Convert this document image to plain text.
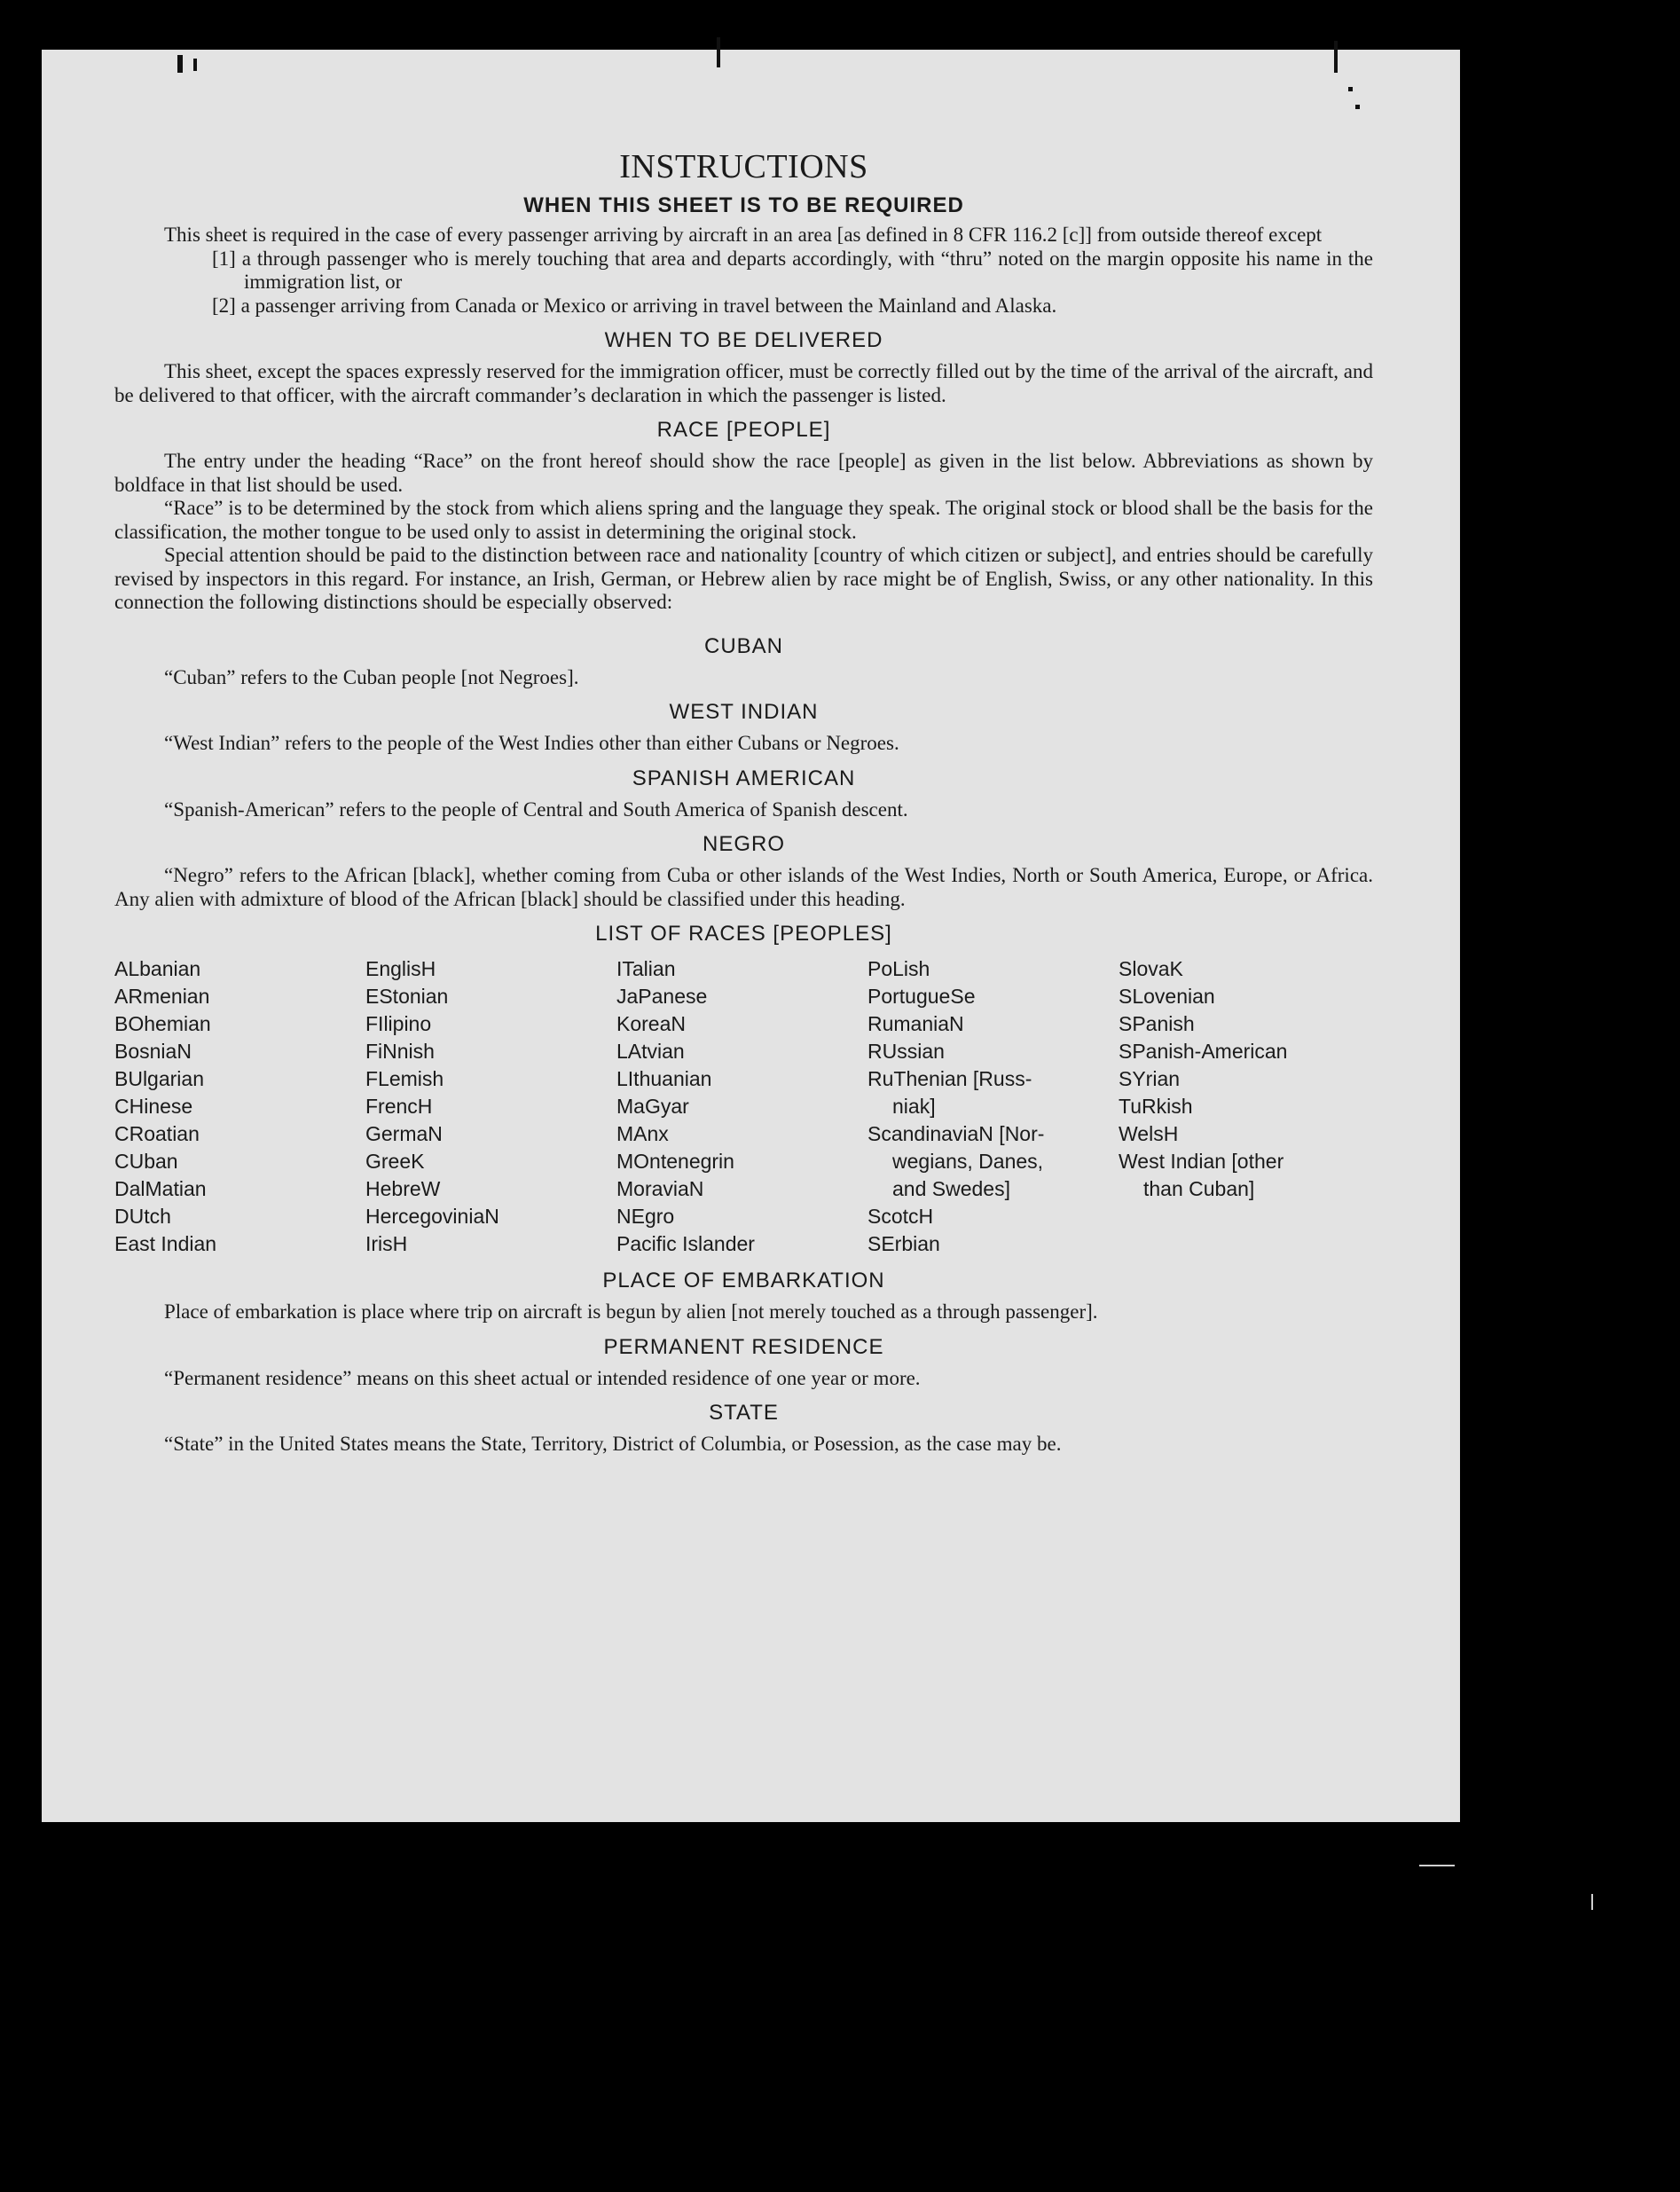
INSTRUCTIONS
WHEN THIS SHEET IS TO BE REQUIRED

This sheet is required in the case of every passenger arriving by aircraft in an area [as defined in 8 CFR 116.2 [c]] from outside thereof except

[1] a through passenger who is merely touching that area and departs accordingly, with “thru” noted on the margin opposite his name in the immigration list, or
[2] a passenger arriving from Canada or Mexico or arriving in travel between the Mainland and Alaska.
WHEN TO BE DELIVERED

This sheet, except the spaces expressly reserved for the immigration officer, must be correctly filled out by the time of the arrival of the aircraft, and be delivered to that officer, with the aircraft commander’s declaration in which the passenger is listed.

RACE [PEOPLE]

The entry under the heading “Race” on the front hereof should show the race [people] as given in the list below. Abbreviations as shown by boldface in that list should be used.

“Race” is to be determined by the stock from which aliens spring and the language they speak. The original stock or blood shall be the basis for the classification, the mother tongue to be used only to assist in determining the original stock.

Special attention should be paid to the distinction between race and nationality [country of which citizen or subject], and entries should be carefully revised by inspectors in this regard. For instance, an Irish, German, or Hebrew alien by race might be of English, Swiss, or any other nationality. In this connection the following distinctions should be especially observed:

CUBAN

“Cuban” refers to the Cuban people [not Negroes].

WEST INDIAN

“West Indian” refers to the people of the West Indies other than either Cubans or Negroes.

SPANISH AMERICAN

“Spanish-American” refers to the people of Central and South America of Spanish descent.

NEGRO

“Negro” refers to the African [black], whether coming from Cuba or other islands of the West Indies, North or South America, Europe, or Africa. Any alien with admixture of blood of the African [black] should be classified under this heading.

LIST OF RACES [PEOPLES]
ALbanian
ARmenian
BOhemian
BosniaN
BUlgarian
CHinese
CRoatian
CUban
DalMatian
DUtch
East Indian
EnglisH
EStonian
FIlipino
FiNnish
FLemish
FrencH
GermaN
GreeK
HebreW
HercegoviniaN
IrisH
ITalian
JaPanese
KoreaN
LAtvian
LIthuanian
MaGyar
MAnx
MOntenegrin
MoraviaN
NEgro
Pacific Islander
PoLish
PortugueSe
RumaniaN
RUssian
RuThenian [Russ-
niak]
ScandinaviaN [Nor-
wegians, Danes,
and Swedes]
ScotcH
SErbian
SlovaK
SLovenian
SPanish
SPanish-American
SYrian
TuRkish
WelsH
West Indian [other
than Cuban]
PLACE OF EMBARKATION

Place of embarkation is place where trip on aircraft is begun by alien [not merely touched as a through passenger].

PERMANENT RESIDENCE

“Permanent residence” means on this sheet actual or intended residence of one year or more.

STATE

“State” in the United States means the State, Territory, District of Columbia, or Posession, as the case may be.
